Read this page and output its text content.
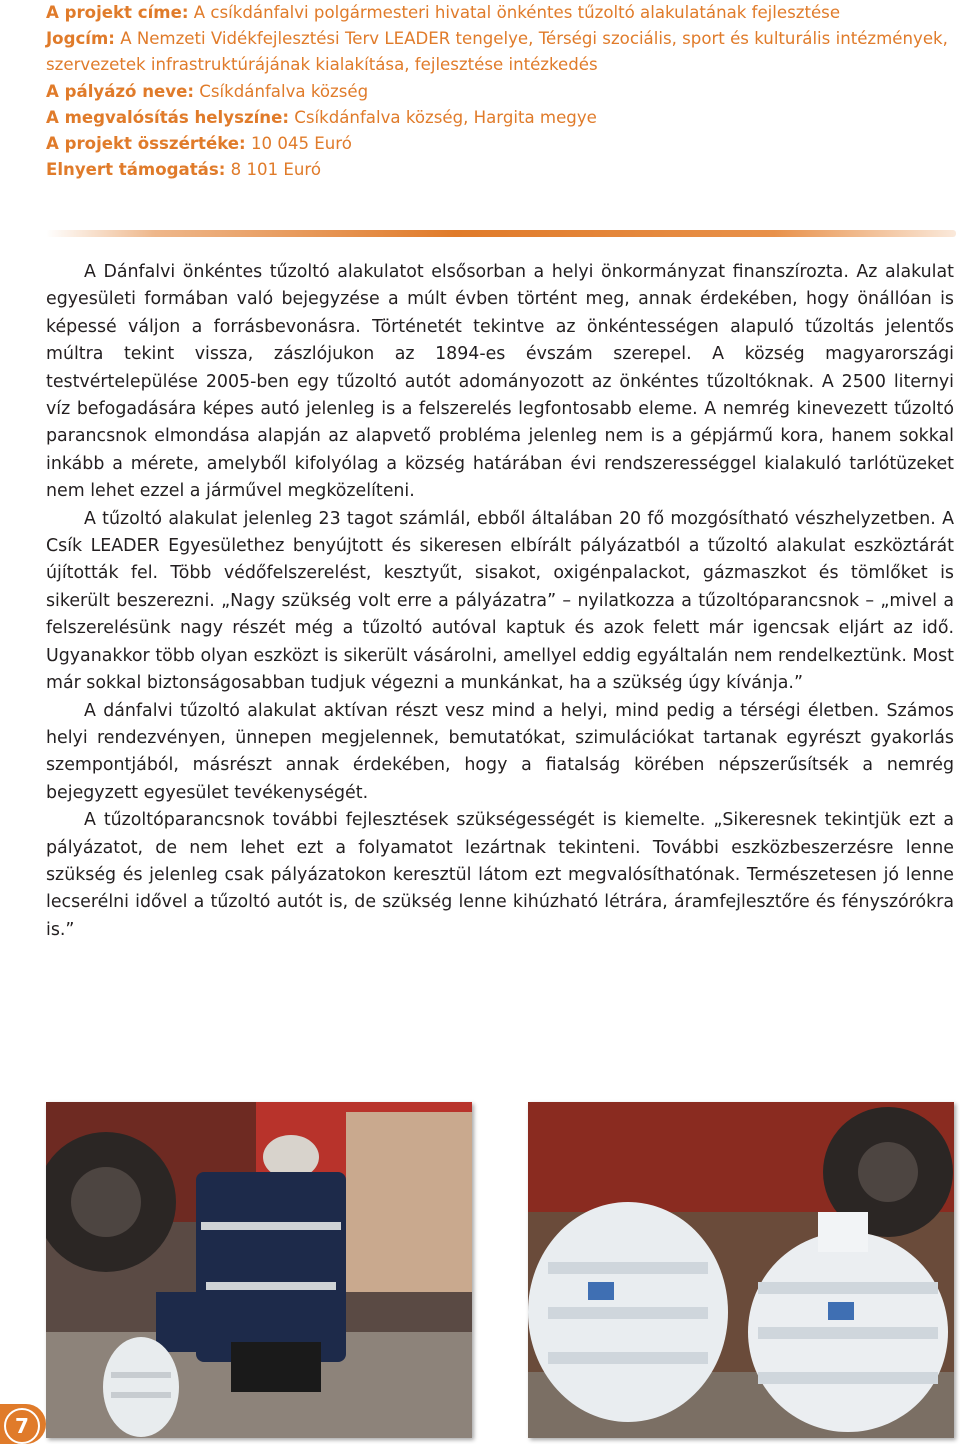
A projekt címe: A csíkdánfalvi polgármesteri hivatal önkéntes tűzoltó alakulatának fejlesztése

Jogcím: A Nemzeti Vidékfejlesztési Terv LEADER tengelye, Térségi szociális, sport és kulturális intézmények, szervezetek infrastruktúrájának kialakítása, fejlesztése intézkedés

A pályázó neve: Csíkdánfalva község

A megvalósítás helyszíne: Csíkdánfalva község, Hargita megye

A projekt összértéke: 10 045 Euró

Elnyert támogatás: 8 101 Euró

A Dánfalvi önkéntes tűzoltó alakulatot elsősorban a helyi önkormányzat finanszírozta. Az alakulat egyesületi formában való bejegyzése a múlt évben történt meg, annak érdekében, hogy önállóan is képessé váljon a forrásbevonásra. Történetét tekintve az önkéntességen alapuló tűzoltás jelentős múltra tekint vissza, zászlójukon az 1894-es évszám szerepel. A község magyarországi testvértelepülése 2005-ben egy tűzoltó autót adományozott az önkéntes tűzoltóknak. A 2500 liternyi víz befogadására képes autó jelenleg is a felszerelés legfontosabb eleme. A nemrég kinevezett tűzoltó parancsnok elmondása alapján az alapvető probléma jelenleg nem is a gépjármű kora, hanem sokkal inkább a mérete, amelyből kifolyólag a község határában évi rendszerességgel kialakuló tarlótüzeket nem lehet ezzel a járművel megközelíteni.

A tűzoltó alakulat jelenleg 23 tagot számlál, ebből általában 20 fő mozgósítható vészhelyzetben. A Csík LEADER Egyesülethez benyújtott és sikeresen elbírált pályázatból a tűzoltó alakulat eszköztárát újították fel. Több védőfelszerelést, kesztyűt, sisakot, oxigénpalackot, gázmaszkot és tömlőket is sikerült beszerezni. „Nagy szükség volt erre a pályázatra” – nyilatkozza a tűzoltóparancsnok – „mivel a felszerelésünk nagy részét még a tűzoltó autóval kaptuk és azok felett már igencsak eljárt az idő. Ugyanakkor több olyan eszközt is sikerült vásárolni, amellyel eddig egyáltalán nem rendelkeztünk. Most már sokkal biztonságosabban tudjuk végezni a munkánkat, ha a szükség úgy kívánja.”

A dánfalvi tűzoltó alakulat aktívan részt vesz mind a helyi, mind pedig a térségi életben. Számos helyi rendezvényen, ünnepen megjelennek, bemutatókat, szimulációkat tartanak egyrészt gyakorlás szempontjából, másrészt annak érdekében, hogy a fiatalság körében népszerűsítsék a nemrég bejegyzett egyesület tevékenységét.

A tűzoltóparancsnok további fejlesztések szükségességét is kiemelte. „Sikeresnek tekintjük ezt a pályázatot, de nem lehet ezt a folyamatot lezártnak tekinteni. További eszközbeszerzésre lenne szükség és jelenleg csak pályázatokon keresztül látom ezt megvalósíthatónak. Természetesen jó lenne lecserélni idővel a tűzoltó autót is, de szükség lenne kihúzható létrára, áramfejlesztőre és fényszórókra is.”

7
